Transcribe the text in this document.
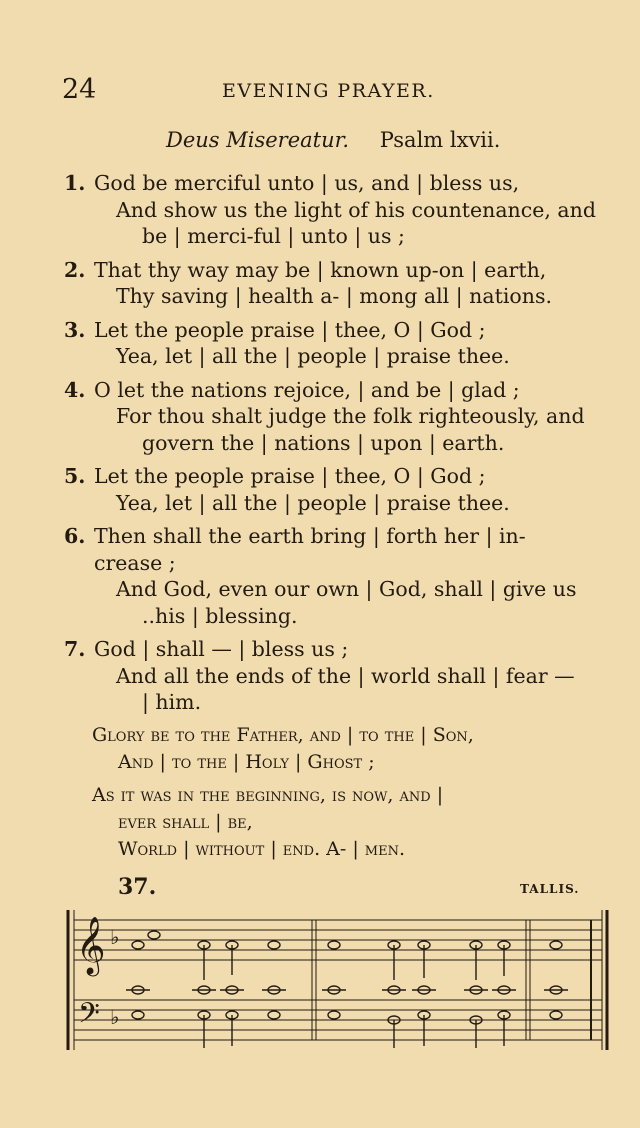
24	EVENING PRAYER.
Deus Misereatur. Psalm lxvii.
1. God be merciful unto | us, and | bless us,
And show us the light of his countenance, and
be | merci-ful | unto | us ;
2. That thy way may be | known up-on | earth,
Thy saving | health a- | mong all | nations.
3. Let the people praise | thee, O | God ;
Yea, let | all the | people | praise thee.
4. O let the nations rejoice, | and be | glad ;
For thou shalt judge the folk righteously, and
govern the | nations | upon | earth.
5. Let the people praise | thee, O | God ;
Yea, let | all the | people | praise thee.
6. Then shall the earth bring | forth her | in-
crease ;
And God, even our own | God, shall | give us
..his | blessing.
7. God | shall — | bless us ;
And all the ends of the | world shall | fear —
| him.
Glory be to the Father, and | to the | Son,
And | to the | Holy | Ghost ;
As it was in the beginning, is now, and |
ever shall | be,
World | without | end. A- | men.
37.	TALLIS.
𝄞 ♭
𝄢 ♭
